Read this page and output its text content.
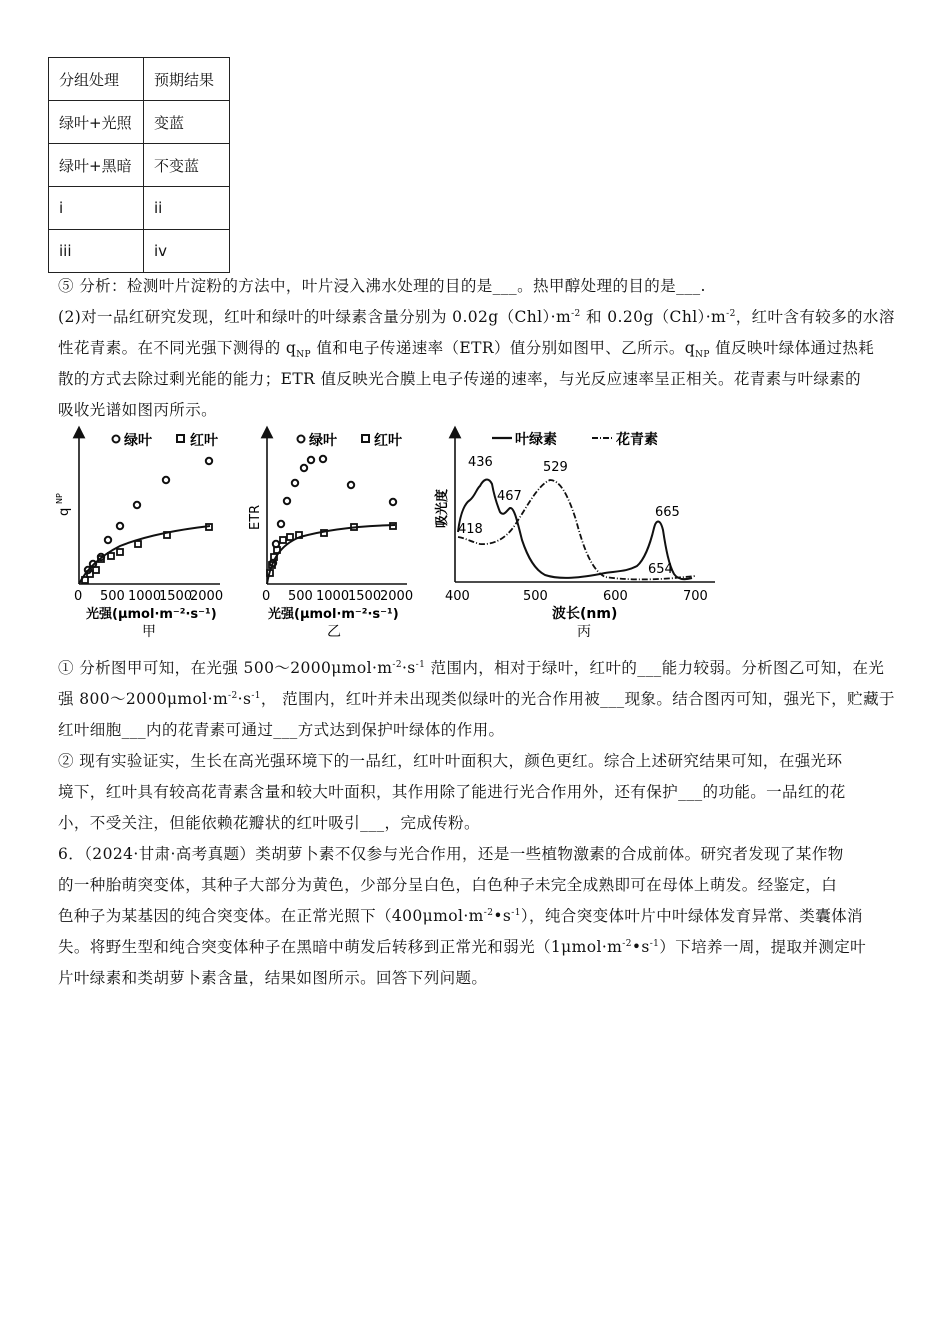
分组处理	预期结果
绿叶+光照	变蓝
绿叶+黑暗	不变蓝
i	ii
iii	iv
⑤ 分析：检测叶片淀粉的方法中，叶片浸入沸水处理的目的是___。热甲醇处理的目的是___.
(2)对一品红研究发现，红叶和绿叶的叶绿素含量分别为 $0.02g(Chl)\cdot m^{-2}$ 和 $0.20g(Chl)\cdot m^{-2}$，红叶含有较多的水溶
性花青素。在不同光强下测得的 $q_{NP}$ 值和电子传递速率（ETR）值分别如图甲、乙所示。$q_{NP}$ 值反映叶绿体通过热耗
散的方式去除过剩光能的能力；ETR 值反映光合膜上电子传递的速率，与光反应速率呈正相关。花青素与叶绿素的
吸收光谱如图丙所示。
q
NP
绿叶	红叶
0 500 1000
1500
2000
光强(μmol·m⁻²·s⁻¹)
甲
ETR
绿叶	红叶
0 500 1000
1500
2000
光强(μmol·m⁻²·s⁻¹)
乙
吸光度
叶绿素	花青素
436
467
529
418
665
654
400	500	600	700
波长(nm)
丙
① 分析图甲可知，在光强 $500\sim 2000\mu mol\cdot m^{-2}\cdot s^{-1}$ 范围内，相对于绿叶，红叶的___能力较弱。分析图乙可知，在光
强 $800\sim 2000\mu mol\cdot m^{-2}\cdot s^{-1}$， 范围内，红叶并未出现类似绿叶的光合作用被___现象。结合图丙可知，强光下，贮藏于
红叶细胞___内的花青素可通过___方式达到保护叶绿体的作用。
② 现有实验证实，生长在高光强环境下的一品红，红叶叶面积大，颜色更红。综合上述研究结果可知，在强光环
境下，红叶具有较高花青素含量和较大叶面积，其作用除了能进行光合作用外，还有保护___的功能。一品红的花
小，不受关注，但能依赖花瓣状的红叶吸引___，完成传粉。
6．（2024·甘肃·高考真题）类胡萝卜素不仅参与光合作用，还是一些植物激素的合成前体。研究者发现了某作物
的一种胎萌突变体，其种子大部分为黄色，少部分呈白色，白色种子未完全成熟即可在母体上萌发。经鉴定，白
色种子为某基因的纯合突变体。在正常光照下$(400\mu mol\cdot m^{-2}•s^{-1})$，纯合突变体叶片中叶绿体发育异常、类囊体消
失。将野生型和纯合突变体种子在黑暗中萌发后转移到正常光和弱光$(1\mu mol\cdot m^{-2}•s^{-1})$下培养一周，提取并测定叶
片叶绿素和类胡萝卜素含量，结果如图所示。回答下列问题。
